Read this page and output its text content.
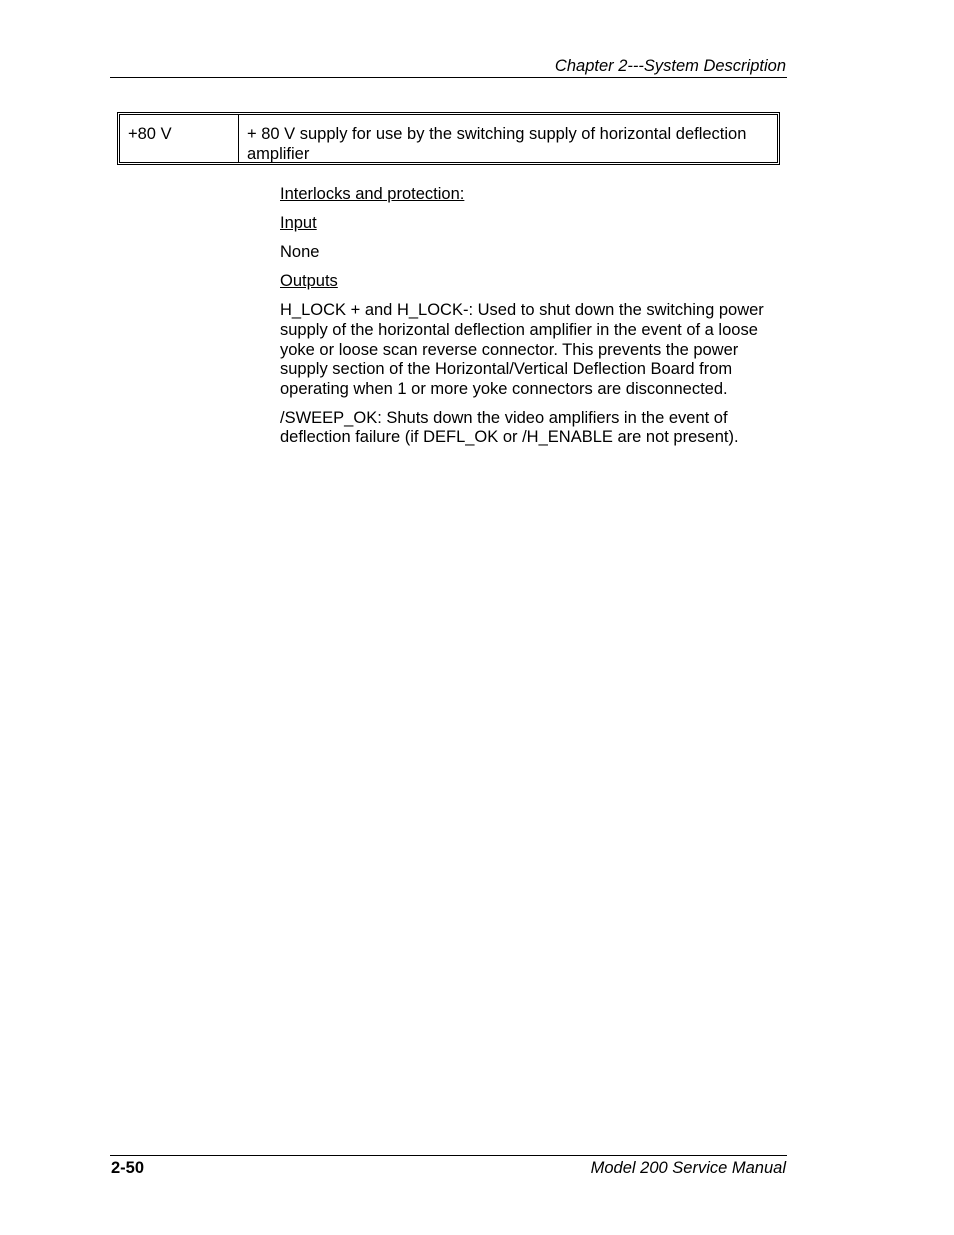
Chapter 2---System Description
+80 V	+ 80 V supply for use by the switching supply of horizontal deflection amplifier

Interlocks and protection:

Input

None

Outputs

H_LOCK + and H_LOCK-: Used to shut down the switching power supply of the horizontal deflection amplifier in the event of a loose yoke or loose scan reverse connector. This prevents the power supply section of the Horizontal/Vertical Deflection Board from operating when 1 or more yoke connectors are disconnected.

/SWEEP_OK: Shuts down the video amplifiers in the event of deflection failure (if DEFL_OK or /H_ENABLE are not present).

2-50	Model 200 Service Manual
